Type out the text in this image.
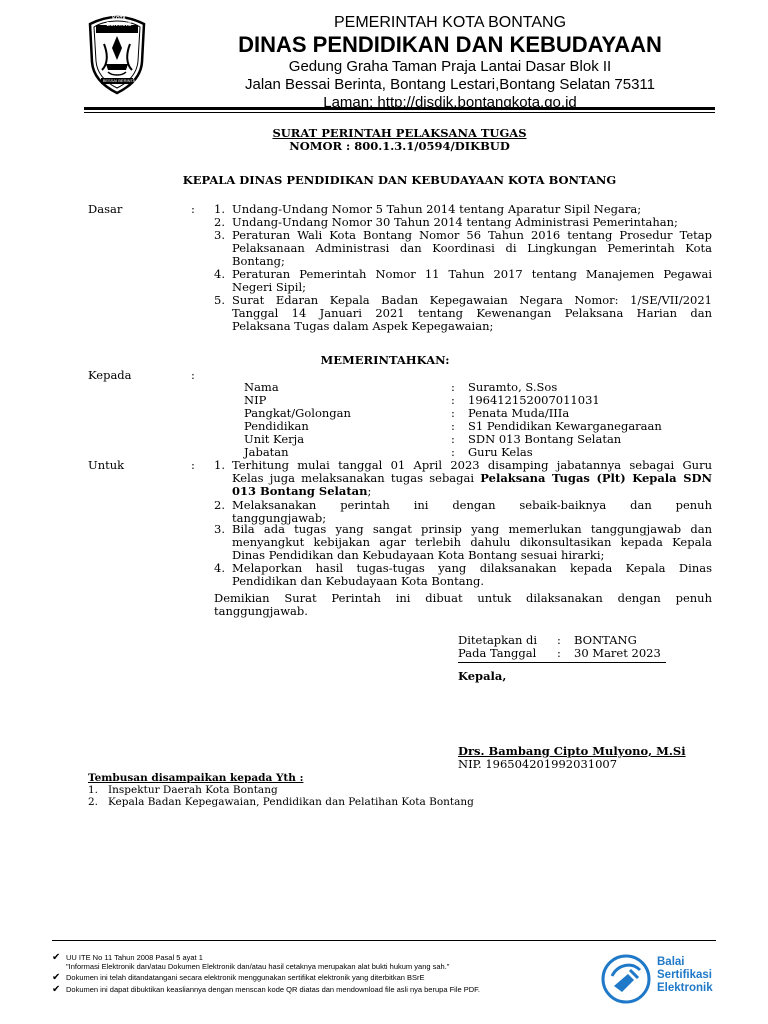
KOTA BONTANG
BESSAI BERINTA
PEMERINTAH KOTA BONTANG
DINAS PENDIDIKAN DAN KEBUDAYAAN
Gedung Graha Taman Praja Lantai Dasar Blok II
Jalan Bessai Berinta, Bontang Lestari,Bontang Selatan 75311
Laman: http://disdik.bontangkota.go.id
SURAT PERINTAH PELAKSANA TUGAS
NOMOR : 800.1.3.1/0594/DIKBUD
KEPALA DINAS PENDIDIKAN DAN KEBUDAYAAN KOTA BONTANG
Dasar	: 1. Undang-Undang Nomor 5 Tahun 2014 tentang Aparatur Sipil Negara;
2. Undang-Undang Nomor 30 Tahun 2014 tentang Administrasi Pemerintahan;
3. Peraturan Wali Kota Bontang Nomor 56 Tahun 2016 tentang Prosedur Tetap
Pelaksanaan Administrasi dan Koordinasi di Lingkungan Pemerintah Kota
Bontang;
4. Peraturan Pemerintah Nomor 11 Tahun 2017 tentang Manajemen Pegawai
Negeri Sipil;
5. Surat Edaran Kepala Badan Kepegawaian Negara Nomor: 1/SE/VII/2021
Tanggal 14 Januari 2021 tentang Kewenangan Pelaksana Harian dan
Pelaksana Tugas dalam Aspek Kepegawaian;
MEMERINTAHKAN:
Kepada	:
Nama	: Suramto, S.Sos
NIP	: 196412152007011031
Pangkat/Golongan	: Penata Muda/IIIa
Pendidikan	: S1 Pendidikan Kewarganegaraan
Unit Kerja	: SDN 013 Bontang Selatan
Jabatan	: Guru Kelas
Untuk	: 1. Terhitung mulai tanggal 01 April 2023 disamping jabatannya sebagai Guru
Kelas juga melaksanakan tugas sebagai Pelaksana Tugas (Plt) Kepala SDN
013 Bontang Selatan;
2. Melaksanakan perintah ini dengan sebaik-baiknya dan penuh
tanggungjawab;
3. Bila ada tugas yang sangat prinsip yang memerlukan tanggungjawab dan
menyangkut kebijakan agar terlebih dahulu dikonsultasikan kepada Kepala
Dinas Pendidikan dan Kebudayaan Kota Bontang sesuai hirarki;
4. Melaporkan hasil tugas-tugas yang dilaksanakan kepada Kepala Dinas
Pendidikan dan Kebudayaan Kota Bontang.
Demikian Surat Perintah ini dibuat untuk dilaksanakan dengan penuh
tanggungjawab.
Ditetapkan di : BONTANG
Pada Tanggal : 30 Maret 2023
Kepala,
Drs. Bambang Cipto Mulyono, M.Si
NIP. 196504201992031007
Tembusan disampaikan kepada Yth :
1. Inspektur Daerah Kota Bontang
2. Kepala Badan Kepegawaian, Pendidikan dan Pelatihan Kota Bontang
✔ UU ITE No 11 Tahun 2008 Pasal 5 ayat 1
"Informasi Elektronik dan/atau Dokumen Elektronik dan/atau hasil cetaknya merupakan alat bukti hukum yang sah."
✔ Dokumen ini telah ditandatangani secara elektronik menggunakan sertifikat elektronik yang diterbitkan BSrE
✔ Dokumen ini dapat dibuktikan keasliannya dengan menscan kode QR diatas dan mendownload file asli nya berupa File PDF.
Balai
Sertifikasi
Elektronik
